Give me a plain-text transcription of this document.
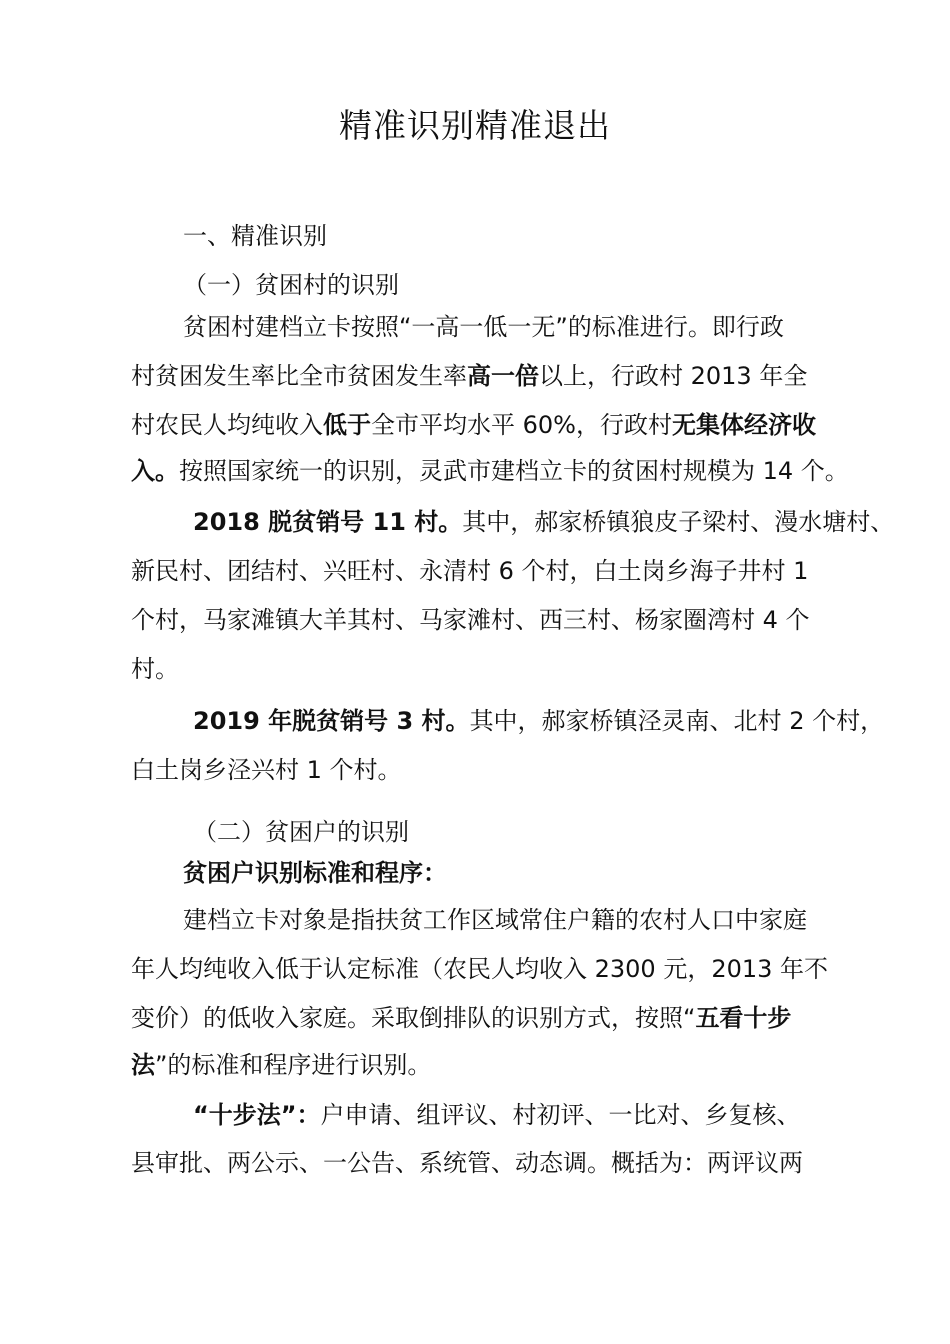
精准识别精准退出
一、精准识别
（一）贫困村的识别
贫困村建档立卡按照“一高一低一无”的标准进行。即行政
村贫困发生率比全市贫困发生率高一倍以上，行政村 2013 年全
村农民人均纯收入低于全市平均水平 60%，行政村无集体经济收
入。按照国家统一的识别，灵武市建档立卡的贫困村规模为 14 个。
2018 脱贫销号 11 村。其中，郝家桥镇狼皮子梁村、漫水塘村、
新民村、团结村、兴旺村、永清村 6 个村，白土岗乡海子井村 1
个村，马家滩镇大羊其村、马家滩村、西三村、杨家圈湾村 4 个
村。
2019 年脱贫销号 3 村。其中，郝家桥镇泾灵南、北村 2 个村，
白土岗乡泾兴村 1 个村。
（二）贫困户的识别
贫困户识别标准和程序：
建档立卡对象是指扶贫工作区域常住户籍的农村人口中家庭
年人均纯收入低于认定标准（农民人均收入 2300 元，2013 年不
变价）的低收入家庭。采取倒排队的识别方式，按照“五看十步
法”的标准和程序进行识别。
“十步法”：户申请、组评议、村初评、一比对、乡复核、
县审批、两公示、一公告、系统管、动态调。概括为：两评议两
